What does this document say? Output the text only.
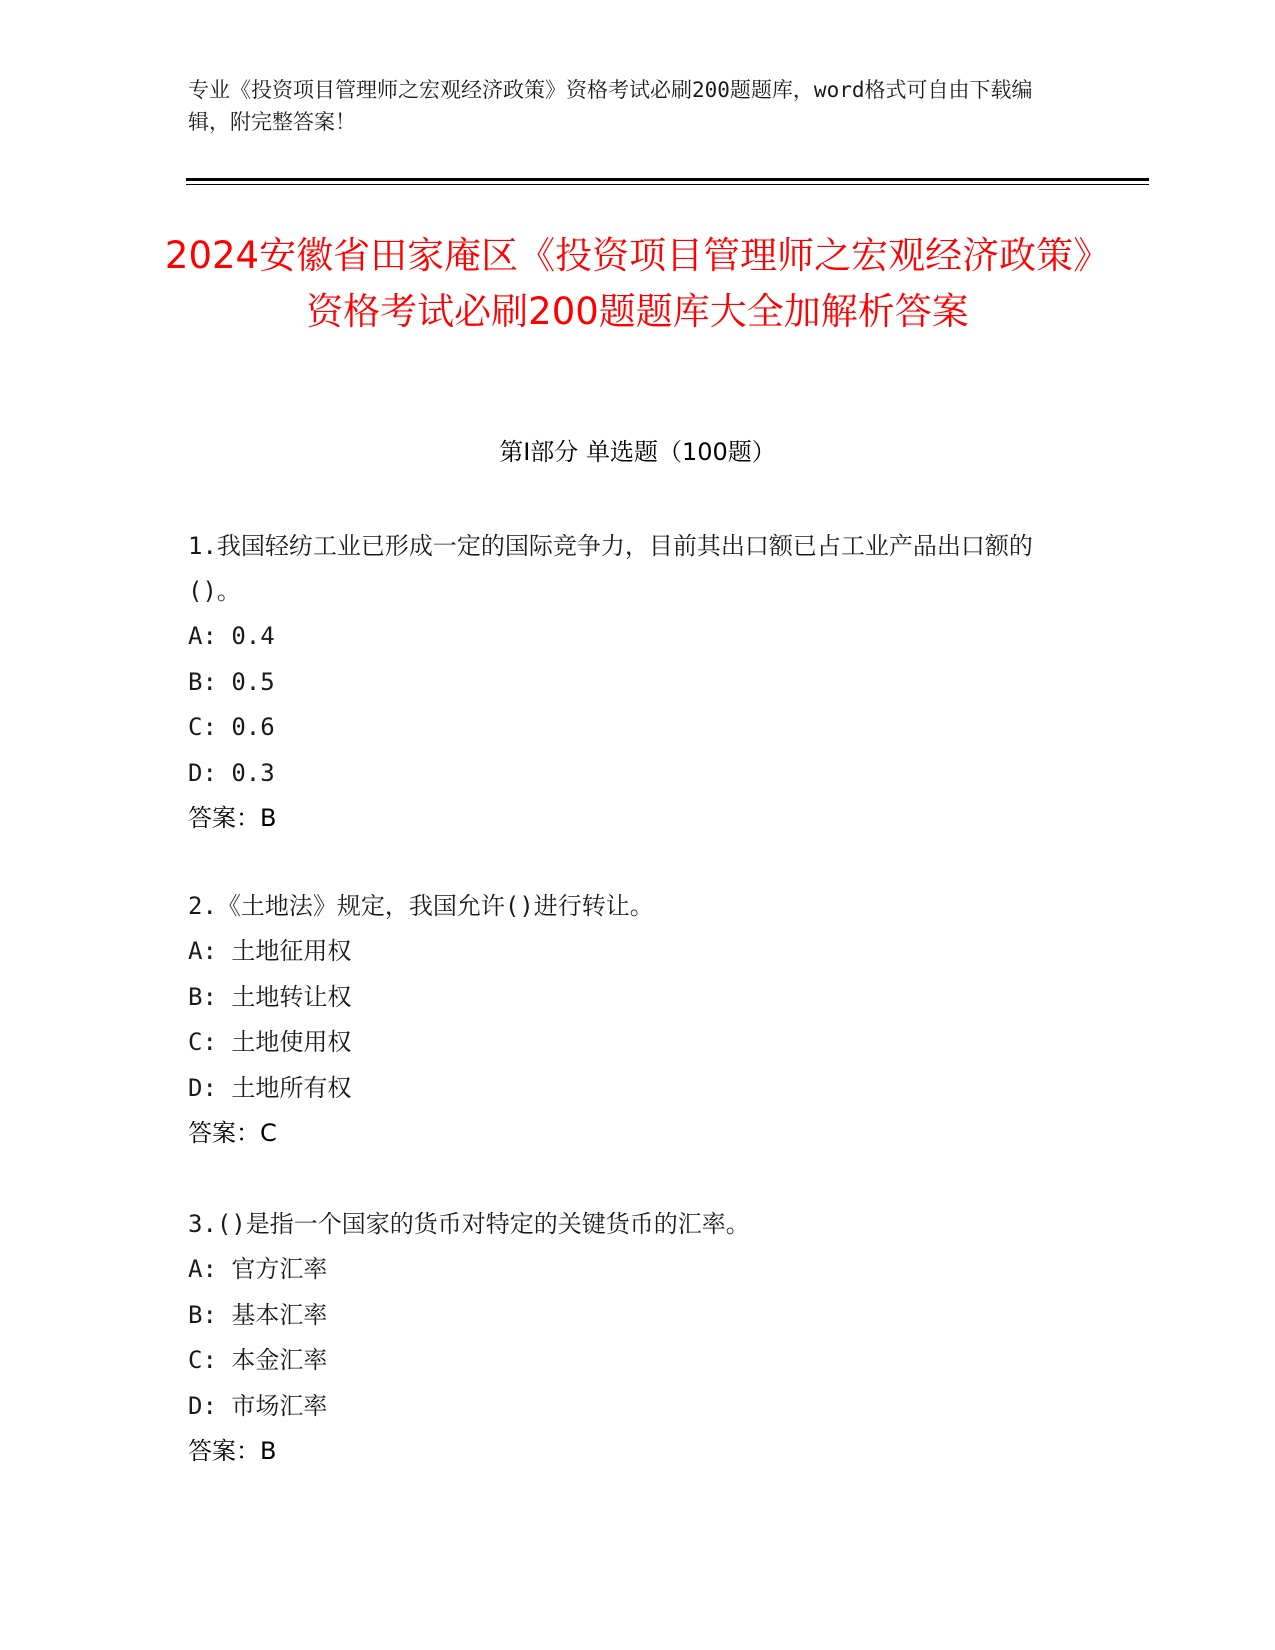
专业《投资项目管理师之宏观经济政策》资格考试必刷200题题库，word格式可自由下载编辑，附完整答案！
2024安徽省田家庵区《投资项目管理师之宏观经济政策》资格考试必刷200题题库大全加解析答案
第Ⅰ部分 单选题（100题）
1.我国轻纺工业已形成一定的国际竞争力，目前其出口额已占工业产品出口额的()。
A: 0.4
B: 0.5
C: 0.6
D: 0.3
答案：B
2.《土地法》规定，我国允许()进行转让。
A: 土地征用权
B: 土地转让权
C: 土地使用权
D: 土地所有权
答案：C
3.()是指一个国家的货币对特定的关键货币的汇率。
A: 官方汇率
B: 基本汇率
C: 本金汇率
D: 市场汇率
答案：B
